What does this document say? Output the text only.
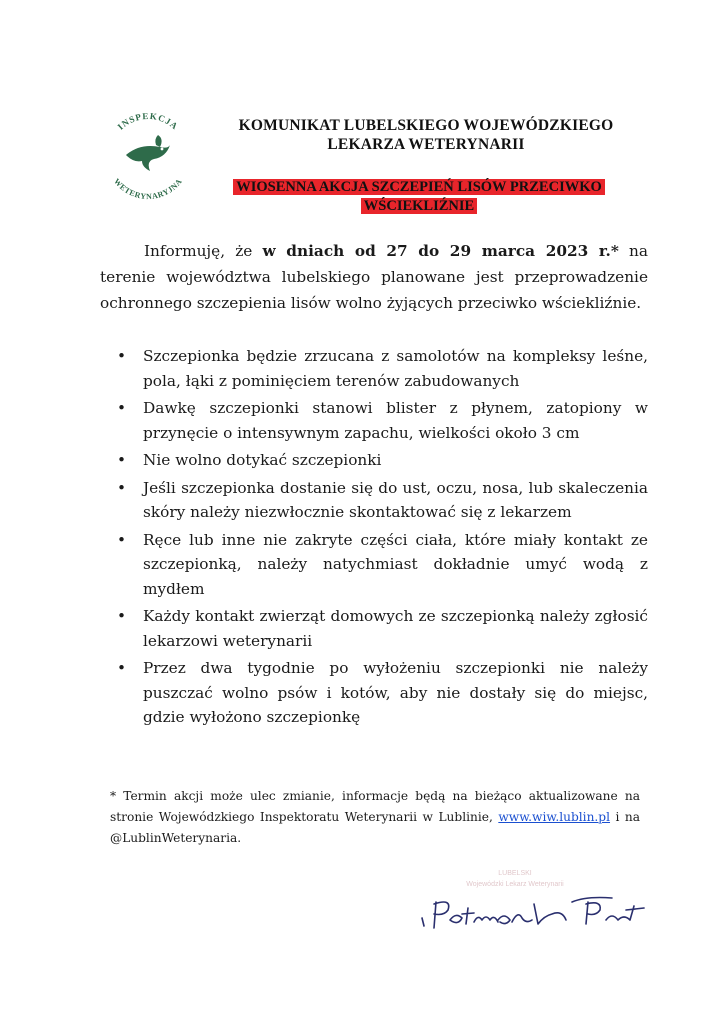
INSPEKCJA
WETERYNARYJNA
KOMUNIKAT LUBELSKIEGO WOJEWÓDZKIEGO
LEKARZA WETERYNARII
WIOSENNA AKCJA SZCZEPIEŃ LISÓW PRZECIWKO
WŚCIEKLIŹNIE
Informuję, że w dniach od 27 do 29 marca 2023 r.* na terenie województwa lubelskiego planowane jest przeprowadzenie ochronnego szczepienia lisów wolno żyjących przeciwko wściekliźnie.
• Szczepionka będzie zrzucana z samolotów na kompleksy leśne, pola, łąki z pominięciem terenów zabudowanych
• Dawkę szczepionki stanowi blister z płynem, zatopiony w przynęcie o intensywnym zapachu, wielkości około 3 cm
• Nie wolno dotykać szczepionki
• Jeśli szczepionka dostanie się do ust, oczu, nosa, lub skaleczenia skóry należy niezwłocznie skontaktować się z lekarzem
• Ręce lub inne nie zakryte części ciała, które miały kontakt ze szczepionką, należy natychmiast dokładnie umyć wodą z mydłem
• Każdy kontakt zwierząt domowych ze szczepionką należy zgłosić lekarzowi weterynarii
• Przez dwa tygodnie po wyłożeniu szczepionki nie należy puszczać wolno psów i kotów, aby nie dostały się do miejsc, gdzie wyłożono szczepionkę
* Termin akcji może ulec zmianie, informacje będą na bieżąco aktualizowane na stronie Wojewódzkiego Inspektoratu Weterynarii w Lublinie, www.wiw.lublin.pl i na @LublinWeterynaria.
LUBELSKI
Wojewódzki Lekarz Weterynarii
